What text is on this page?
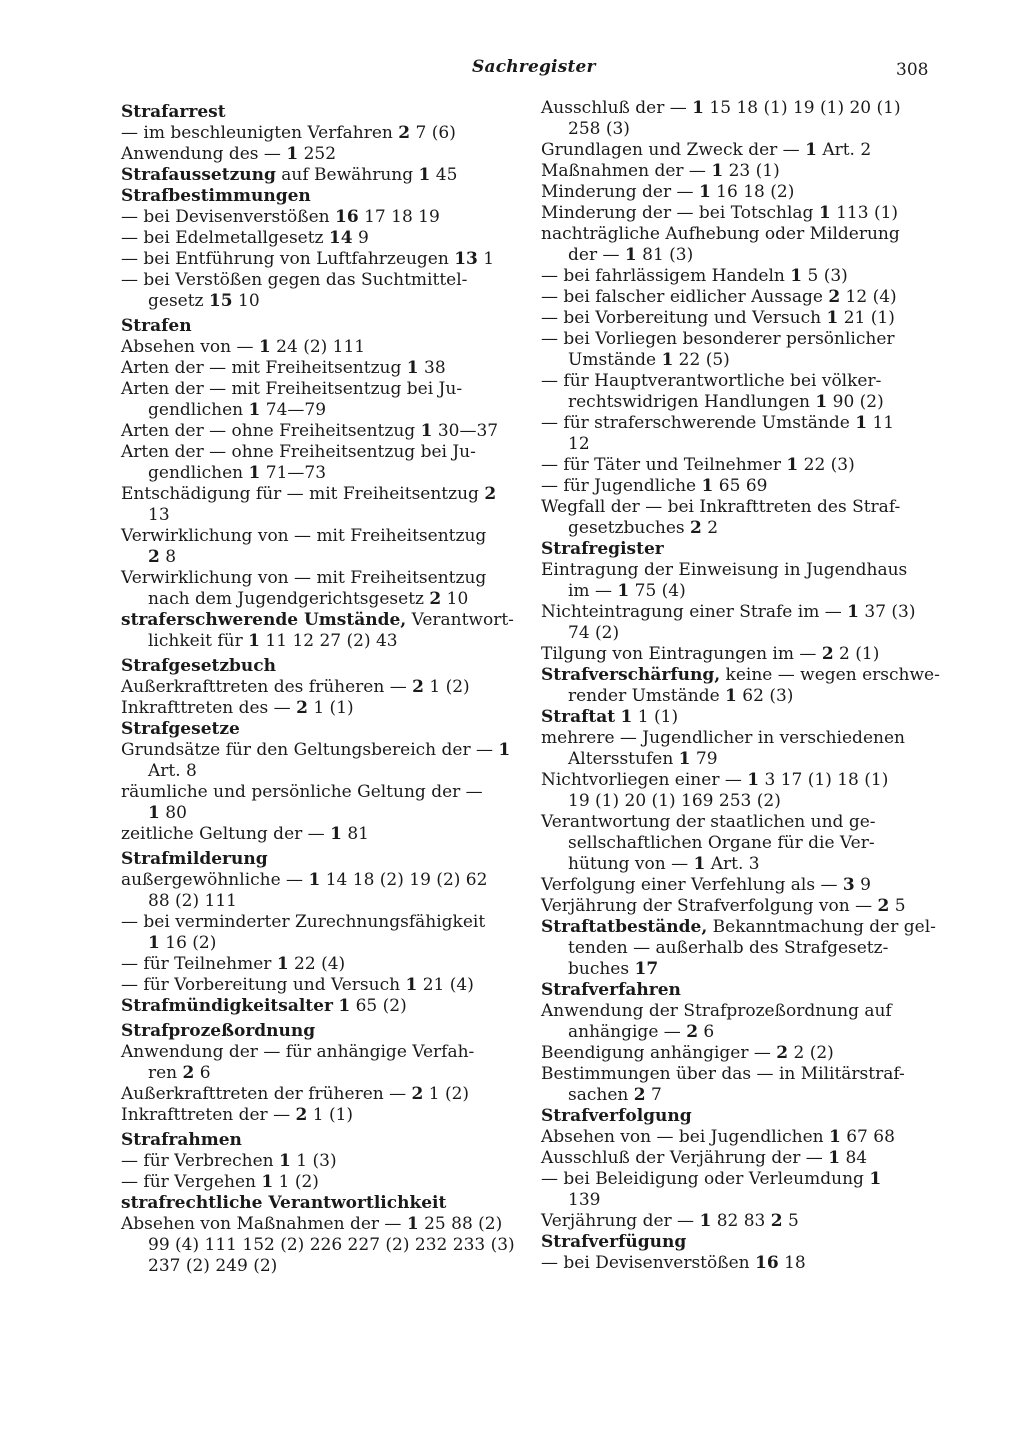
Sachregister	308
Strafarrest
— im beschleunigten Verfahren 2 7 (6)
Anwendung des — 1 252
Strafaussetzung auf Bewährung 1 45
Strafbestimmungen
— bei Devisenverstößen 16 17 18 19
— bei Edelmetallgesetz 14 9
— bei Entführung von Luftfahrzeugen 13 1
— bei Verstößen gegen das Suchtmittel-
gesetz 15 10
Strafen
Absehen von — 1 24 (2) 111
Arten der — mit Freiheitsentzug 1 38
Arten der — mit Freiheitsentzug bei Ju-
gendlichen 1 74—79
Arten der — ohne Freiheitsentzug 1 30—37
Arten der — ohne Freiheitsentzug bei Ju-
gendlichen 1 71—73
Entschädigung für — mit Freiheitsentzug 2
13
Verwirklichung von — mit Freiheitsentzug
2 8
Verwirklichung von — mit Freiheitsentzug
nach dem Jugendgerichtsgesetz 2 10
straferschwerende Umstände, Verantwort-
lichkeit für 1 11 12 27 (2) 43
Strafgesetzbuch
Außerkrafttreten des früheren — 2 1 (2)
Inkrafttreten des — 2 1 (1)
Strafgesetze
Grundsätze für den Geltungsbereich der — 1
Art. 8
räumliche und persönliche Geltung der —
1 80
zeitliche Geltung der — 1 81
Strafmilderung
außergewöhnliche — 1 14 18 (2) 19 (2) 62
88 (2) 111
— bei verminderter Zurechnungsfähigkeit
1 16 (2)
— für Teilnehmer 1 22 (4)
— für Vorbereitung und Versuch 1 21 (4)
Strafmündigkeitsalter 1 65 (2)
Strafprozeßordnung
Anwendung der — für anhängige Verfah-
ren 2 6
Außerkrafttreten der früheren — 2 1 (2)
Inkrafttreten der — 2 1 (1)
Strafrahmen
— für Verbrechen 1 1 (3)
— für Vergehen 1 1 (2)
strafrechtliche Verantwortlichkeit
Absehen von Maßnahmen der — 1 25 88 (2)
99 (4) 111 152 (2) 226 227 (2) 232 233 (3)
237 (2) 249 (2)
Ausschluß der — 1 15 18 (1) 19 (1) 20 (1)
258 (3)
Grundlagen und Zweck der — 1 Art. 2
Maßnahmen der — 1 23 (1)
Minderung der — 1 16 18 (2)
Minderung der — bei Totschlag 1 113 (1)
nachträgliche Aufhebung oder Milderung
der — 1 81 (3)
— bei fahrlässigem Handeln 1 5 (3)
— bei falscher eidlicher Aussage 2 12 (4)
— bei Vorbereitung und Versuch 1 21 (1)
— bei Vorliegen besonderer persönlicher
Umstände 1 22 (5)
— für Hauptverantwortliche bei völker-
rechtswidrigen Handlungen 1 90 (2)
— für straferschwerende Umstände 1 11
12
— für Täter und Teilnehmer 1 22 (3)
— für Jugendliche 1 65 69
Wegfall der — bei Inkrafttreten des Straf-
gesetzbuches 2 2
Strafregister
Eintragung der Einweisung in Jugendhaus
im — 1 75 (4)
Nichteintragung einer Strafe im — 1 37 (3)
74 (2)
Tilgung von Eintragungen im — 2 2 (1)
Strafverschärfung, keine — wegen erschwe-
render Umstände 1 62 (3)
Straftat 1 1 (1)
mehrere — Jugendlicher in verschiedenen
Altersstufen 1 79
Nichtvorliegen einer — 1 3 17 (1) 18 (1)
19 (1) 20 (1) 169 253 (2)
Verantwortung der staatlichen und ge-
sellschaftlichen Organe für die Ver-
hütung von — 1 Art. 3
Verfolgung einer Verfehlung als — 3 9
Verjährung der Strafverfolgung von — 2 5
Straftatbestände, Bekanntmachung der gel-
tenden — außerhalb des Strafgesetz-
buches 17
Strafverfahren
Anwendung der Strafprozeßordnung auf
anhängige — 2 6
Beendigung anhängiger — 2 2 (2)
Bestimmungen über das — in Militärstraf-
sachen 2 7
Strafverfolgung
Absehen von — bei Jugendlichen 1 67 68
Ausschluß der Verjährung der — 1 84
— bei Beleidigung oder Verleumdung 1
139
Verjährung der — 1 82 83 2 5
Strafverfügung
— bei Devisenverstößen 16 18
